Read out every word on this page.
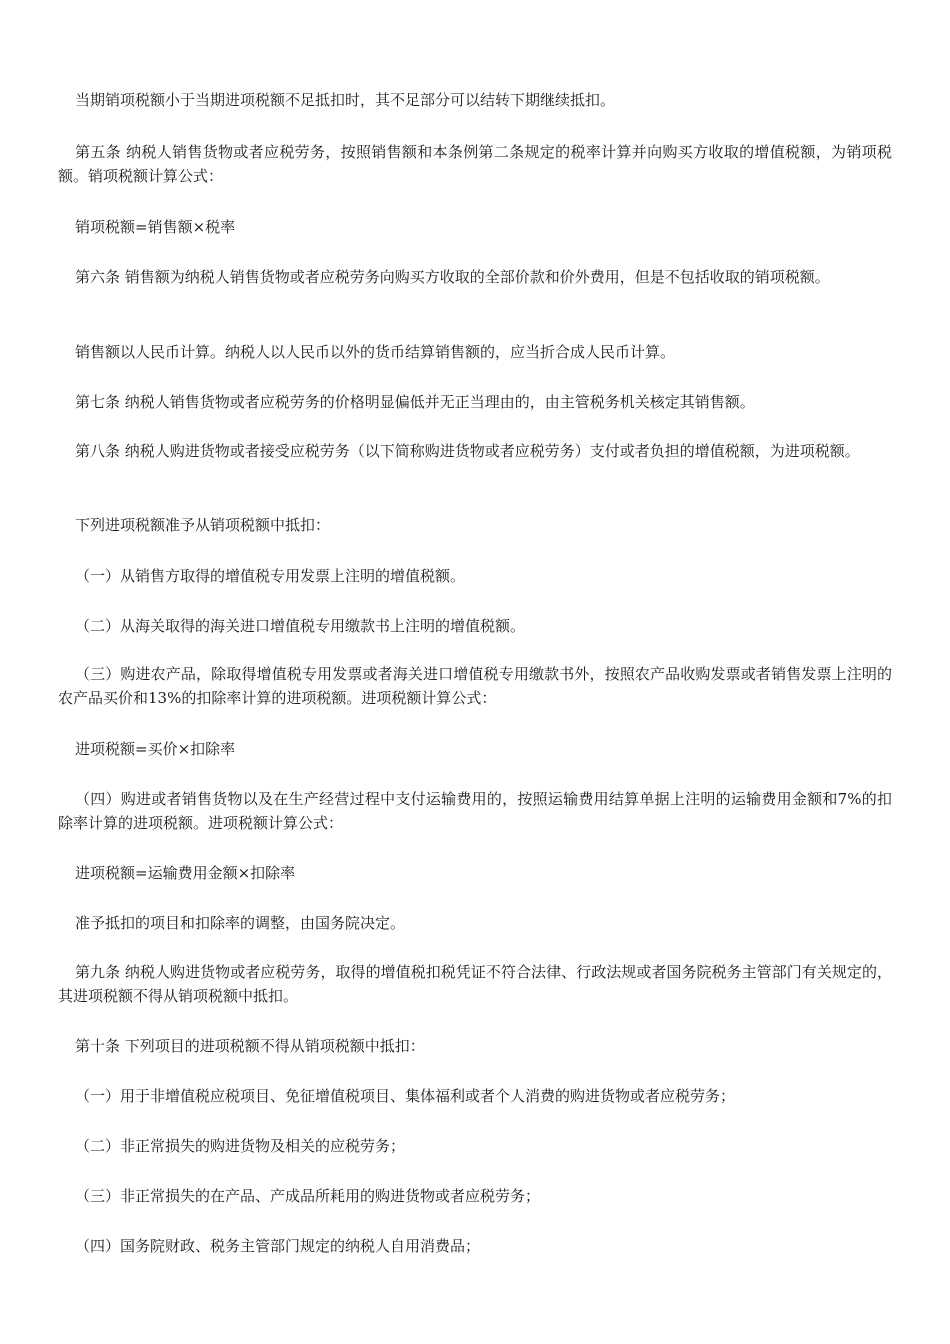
当期销项税额小于当期进项税额不足抵扣时，其不足部分可以结转下期继续抵扣。

第五条 纳税人销售货物或者应税劳务，按照销售额和本条例第二条规定的税率计算并向购买方收取的增值税额，为销项税额。销项税额计算公式：

销项税额=销售额×税率

第六条 销售额为纳税人销售货物或者应税劳务向购买方收取的全部价款和价外费用，但是不包括收取的销项税额。

销售额以人民币计算。纳税人以人民币以外的货币结算销售额的，应当折合成人民币计算。

第七条 纳税人销售货物或者应税劳务的价格明显偏低并无正当理由的，由主管税务机关核定其销售额。

第八条 纳税人购进货物或者接受应税劳务（以下简称购进货物或者应税劳务）支付或者负担的增值税额，为进项税额。

下列进项税额准予从销项税额中抵扣：

（一）从销售方取得的增值税专用发票上注明的增值税额。

（二）从海关取得的海关进口增值税专用缴款书上注明的增值税额。

（三）购进农产品，除取得增值税专用发票或者海关进口增值税专用缴款书外，按照农产品收购发票或者销售发票上注明的农产品买价和13%的扣除率计算的进项税额。进项税额计算公式：

进项税额=买价×扣除率

（四）购进或者销售货物以及在生产经营过程中支付运输费用的，按照运输费用结算单据上注明的运输费用金额和7%的扣除率计算的进项税额。进项税额计算公式：

进项税额=运输费用金额×扣除率

准予抵扣的项目和扣除率的调整，由国务院决定。

第九条 纳税人购进货物或者应税劳务，取得的增值税扣税凭证不符合法律、行政法规或者国务院税务主管部门有关规定的，其进项税额不得从销项税额中抵扣。

第十条 下列项目的进项税额不得从销项税额中抵扣：

（一）用于非增值税应税项目、免征增值税项目、集体福利或者个人消费的购进货物或者应税劳务；

（二）非正常损失的购进货物及相关的应税劳务；

（三）非正常损失的在产品、产成品所耗用的购进货物或者应税劳务；

（四）国务院财政、税务主管部门规定的纳税人自用消费品；
